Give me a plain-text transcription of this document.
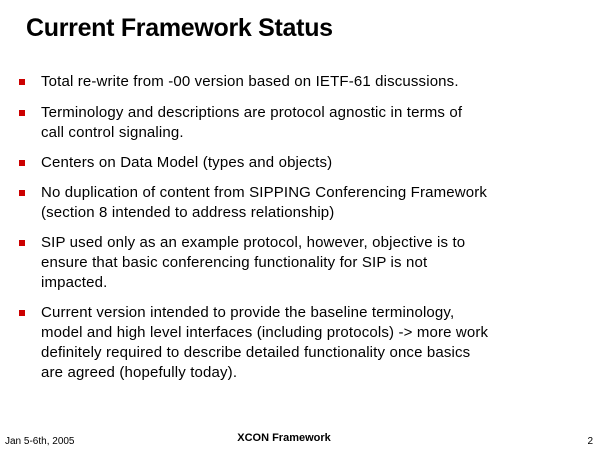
Current Framework Status
Total re-write from -00 version based on IETF-61 discussions.
Terminology and descriptions are protocol agnostic in terms of
call control signaling.
Centers on Data Model (types and objects)
No duplication of content from SIPPING Conferencing Framework
(section 8 intended to address relationship)
SIP used only as an example protocol, however, objective is to
ensure that basic conferencing functionality for SIP is not
impacted.
Current version intended to provide the baseline terminology,
model and high level interfaces (including protocols) -> more work
definitely required to describe detailed functionality once basics
are agreed (hopefully today).
Jan 5-6th, 2005	XCON Framework	2
